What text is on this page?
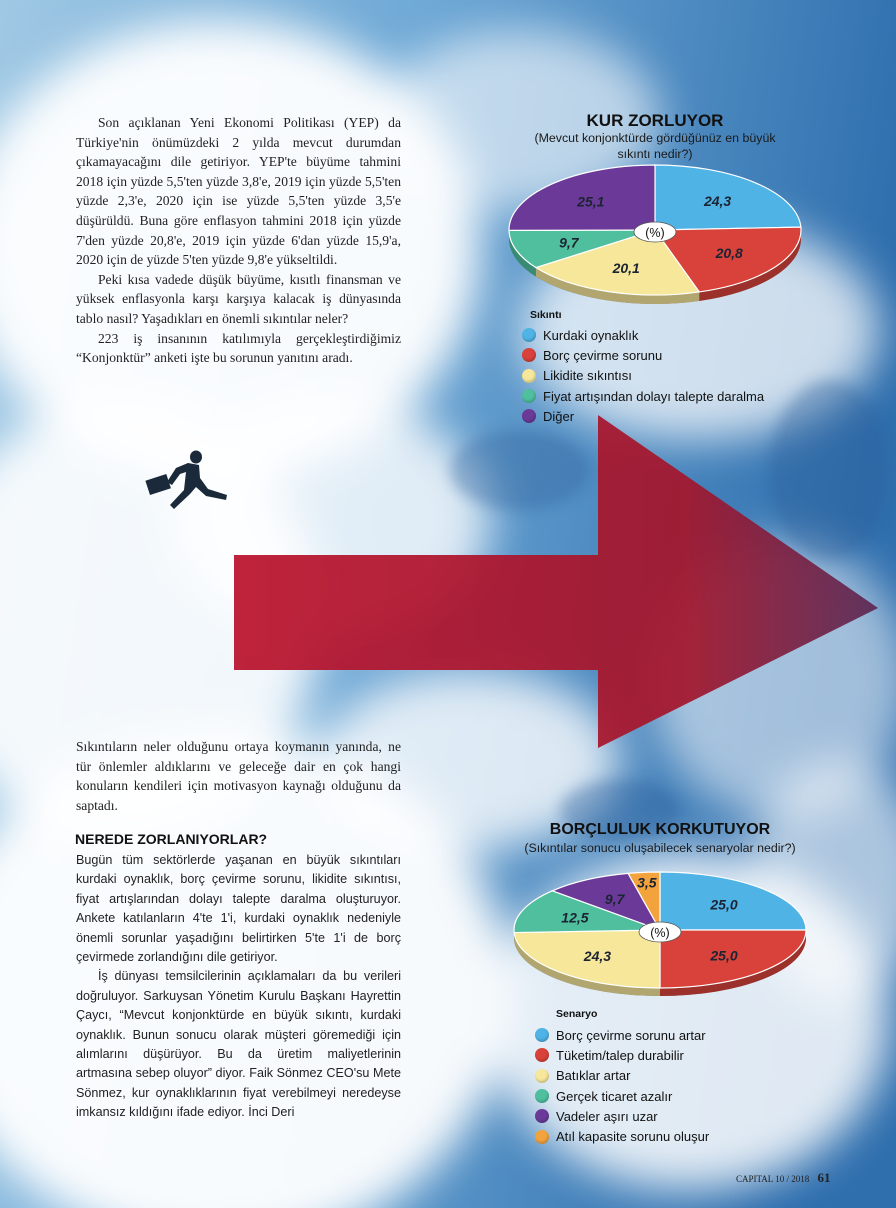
Son açıklanan Yeni Ekonomi Politikası (YEP) da Türkiye'nin önümüzdeki 2 yılda mevcut durumdan çıkamayacağını dile getiriyor. YEP'te büyüme tahmini 2018 için yüzde 5,5'ten yüzde 3,8'e, 2019 için yüzde 5,5'ten yüzde 2,3'e, 2020 için ise yüzde 5,5'ten yüzde 3,5'e düşürüldü. Buna göre enflasyon tahmini 2018 için yüzde 7'den yüzde 20,8'e, 2019 için yüzde 6'dan yüzde 15,9'a, 2020 için de yüzde 5'ten yüzde 9,8'e yükseltildi.

Peki kısa vadede düşük büyüme, kısıtlı finansman ve yüksek enflasyonla karşı karşıya kalacak iş dünyasında tablo nasıl? Yaşadıkları en önemli sıkıntılar neler?

223 iş insanının katılımıyla gerçekleştirdiğimiz “Konjonktür” anketi işte bu sorunun yanıtını aradı.

Sıkıntıların neler olduğunu ortaya koymanın yanında, ne tür önlemler aldıklarını ve geleceğe dair en çok hangi konuların kendileri için motivasyon kaynağı olduğunu da saptadı.

NEREDE ZORLANIYORLAR?

Bugün tüm sektörlerde yaşanan en büyük sıkıntıları kurdaki oynaklık, borç çevirme sorunu, likidite sıkıntısı, fiyat artışlarından dolayı talepte daralma oluşturuyor. Ankete katılanların 4'te 1'i, kurdaki oynaklık nedeniyle önemli sorunlar yaşadığını belirtirken 5'te 1'i de borç çevirmede zorlandığını dile getiriyor.

İş dünyası temsilcilerinin açıklamaları da bu verileri doğruluyor. Sarkuysan Yönetim Kurulu Başkanı Hayrettin Çaycı, “Mevcut konjonktürde en büyük sıkıntı, kurdaki oynaklık. Bunun sonucu olarak müşteri göremediği için alımlarını düşürüyor. Bu da üretim maliyetlerinin artmasına sebep oluyor” diyor. Faik Sönmez CEO'su Mete Sönmez, kur oynaklıklarının fiyat verebilmeyi neredeyse imkansız kıldığını ifade ediyor. İnci Deri

KUR ZORLUYOR
(Mevcut konjonktürde gördüğünüz en büyük sıkıntı nedir?)
24,3
20,8
20,1
9,7
25,1
(%)
Sıkıntı
Kurdaki oynaklık
Borç çevirme sorunu
Likidite sıkıntısı
Fiyat artışından dolayı talepte daralma
Diğer
BORÇLULUK KORKUTUYOR
(Sıkıntılar sonucu oluşabilecek senaryolar nedir?)
25,0
25,0
24,3
12,5
9,7
3,5
(%)
Senaryo
Borç çevirme sorunu artar
Tüketim/talep durabilir
Batıklar artar
Gerçek ticaret azalır
Vadeler aşırı uzar
Atıl kapasite sorunu oluşur
CAPITAL 10 / 2018 61
